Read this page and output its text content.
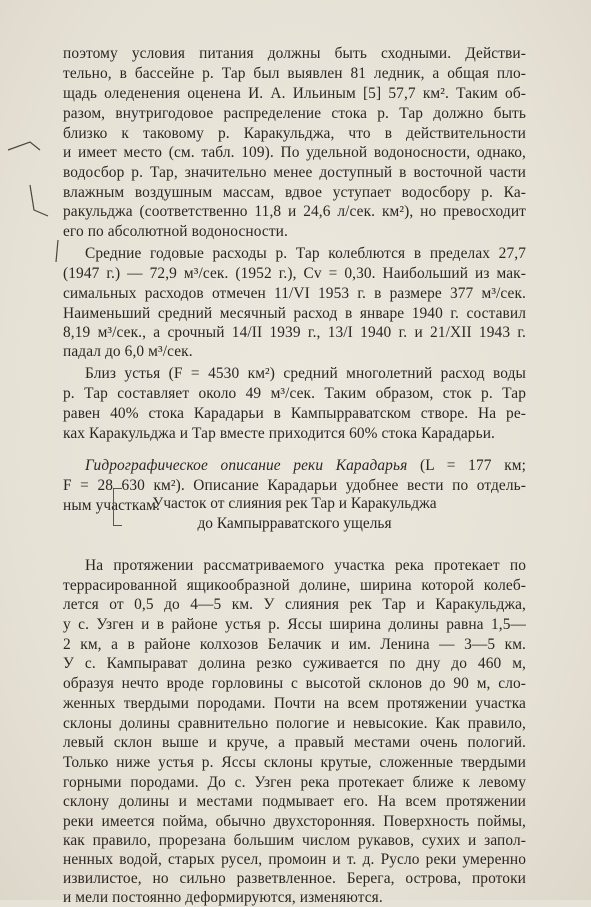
поэтому условия питания должны быть сходными. Действи-
тельно, в бассейне р. Тар был выявлен 81 ледник, а общая пло-
щадь оледенения оценена И. А. Ильиным [5] 57,7 км². Таким об-
разом, внутригодовое распределение стока р. Тар должно быть
близко к таковому р. Каракульджа, что в действительности
и имеет место (см. табл. 109). По удельной водоносности, однако,
водосбор р. Тар, значительно менее доступный в восточной части
влажным воздушным массам, вдвое уступает водосбору р. Ка-
ракульджа (соответственно 11,8 и 24,6 л/сек. км²), но превосходит
его по абсолютной водоносности.
Средние годовые расходы р. Тар колеблются в пределах 27,7
(1947 г.) — 72,9 м³/сек. (1952 г.), Cv = 0,30. Наибольший из мак-
симальных расходов отмечен 11/VI 1953 г. в размере 377 м³/сек.
Наименьший средний месячный расход в январе 1940 г. составил
8,19 м³/сек., а срочный 14/II 1939 г., 13/I 1940 г. и 21/XII 1943 г.
падал до 6,0 м³/сек.
Близ устья (F = 4530 км²) средний многолетний расход воды
р. Тар составляет около 49 м³/сек. Таким образом, сток р. Тар
равен 40% стока Карадарьи в Кампырраватском створе. На ре-
ках Каракульджа и Тар вместе приходится 60% стока Карадарьи.
Гидрографическое описание реки Карадарья (L = 177 км;
F = 28 630 км²). Описание Карадарьи удобнее вести по отдель-
ным участкам.
Участок от слияния рек Тар и Каракульджа
до Кампырраватского ущелья
На протяжении рассматриваемого участка река протекает по
террасированной ящикообразной долине, ширина которой колеб-
лется от 0,5 до 4—5 км. У слияния рек Тар и Каракульджа,
у с. Узген и в районе устья р. Яссы ширина долины равна 1,5—
2 км, а в районе колхозов Белачик и им. Ленина — 3—5 км.
У с. Кампырават долина резко суживается по дну до 460 м,
образуя нечто вроде горловины с высотой склонов до 90 м, сло-
женных твердыми породами. Почти на всем протяжении участка
склоны долины сравнительно пологие и невысокие. Как правило,
левый склон выше и круче, а правый местами очень пологий.
Только ниже устья р. Яссы склоны крутые, сложенные твердыми
горными породами. До с. Узген река протекает ближе к левому
склону долины и местами подмывает его. На всем протяжении
реки имеется пойма, обычно двухсторонняя. Поверхность поймы,
как правило, прорезана большим числом рукавов, сухих и запол-
ненных водой, старых русел, промоин и т. д. Русло реки умеренно
извилистое, но сильно разветвленное. Берега, острова, протоки
и мели постоянно деформируются, изменяются.
